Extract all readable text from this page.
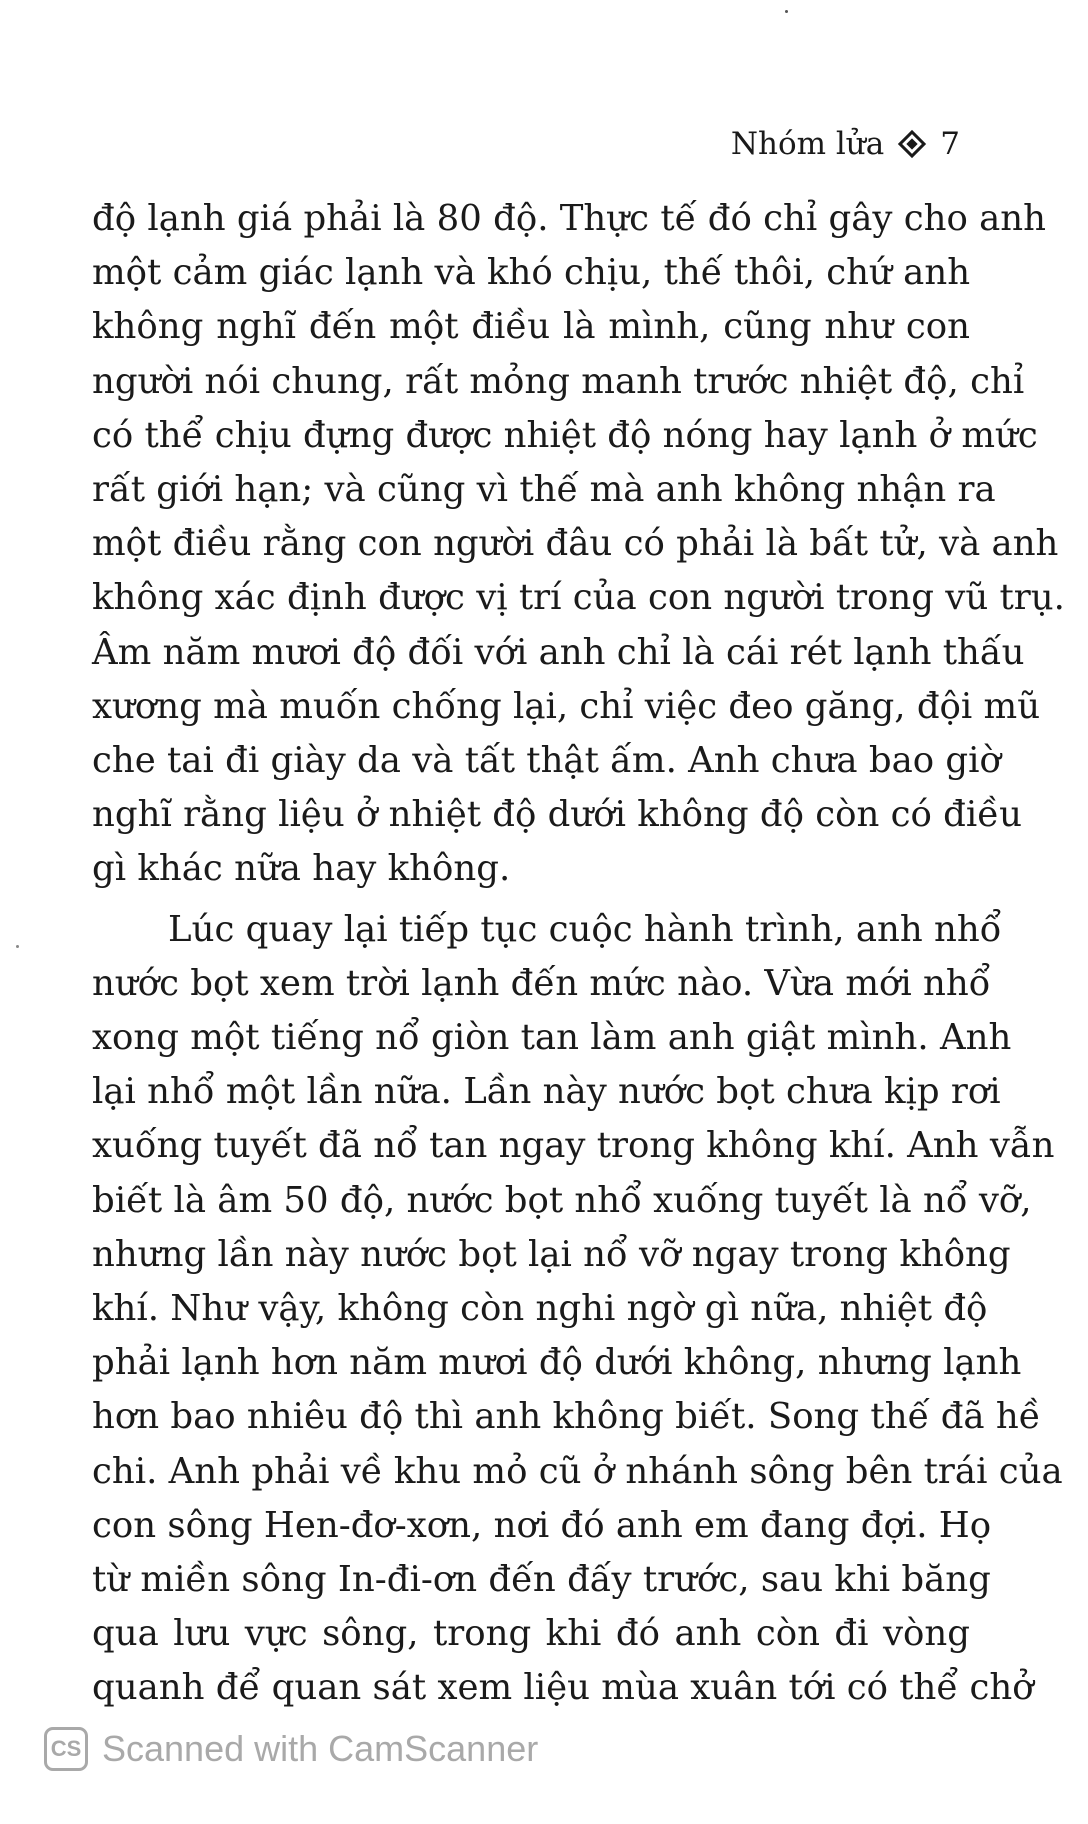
Nhóm lửa 7

độ lạnh giá phải là 80 độ. Thực tế đó chỉ gây cho anh
một cảm giác lạnh và khó chịu, thế thôi, chứ anh
không nghĩ đến một điều là mình, cũng như con
người nói chung, rất mỏng manh trước nhiệt độ, chỉ
có thể chịu đựng được nhiệt độ nóng hay lạnh ở mức
rất giới hạn; và cũng vì thế mà anh không nhận ra
một điều rằng con người đâu có phải là bất tử, và anh
không xác định được vị trí của con người trong vũ trụ.
Âm năm mươi độ đối với anh chỉ là cái rét lạnh thấu
xương mà muốn chống lại, chỉ việc đeo găng, đội mũ
che tai đi giày da và tất thật ấm. Anh chưa bao giờ
nghĩ rằng liệu ở nhiệt độ dưới không độ còn có điều
gì khác nữa hay không.

Lúc quay lại tiếp tục cuộc hành trình, anh nhổ
nước bọt xem trời lạnh đến mức nào. Vừa mới nhổ
xong một tiếng nổ giòn tan làm anh giật mình. Anh
lại nhổ một lần nữa. Lần này nước bọt chưa kịp rơi
xuống tuyết đã nổ tan ngay trong không khí. Anh vẫn
biết là âm 50 độ, nước bọt nhổ xuống tuyết là nổ vỡ,
nhưng lần này nước bọt lại nổ vỡ ngay trong không
khí. Như vậy, không còn nghi ngờ gì nữa, nhiệt độ
phải lạnh hơn năm mươi độ dưới không, nhưng lạnh
hơn bao nhiêu độ thì anh không biết. Song thế đã hề
chi. Anh phải về khu mỏ cũ ở nhánh sông bên trái của
con sông Hen-đơ-xơn, nơi đó anh em đang đợi. Họ
từ miền sông In-đi-ơn đến đấy trước, sau khi băng
qua lưu vực sông, trong khi đó anh còn đi vòng
quanh để quan sát xem liệu mùa xuân tới có thể chở

CS Scanned with CamScanner
